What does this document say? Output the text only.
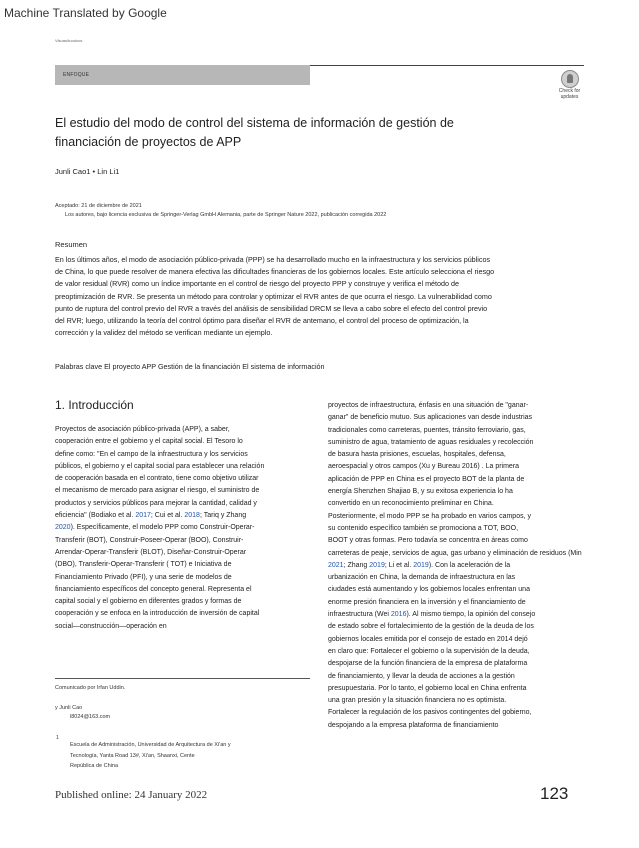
Machine Translated by Google
Vlsuas/tuodoos
ENFOQUE
Check for
updates
El estudio del modo de control del sistema de información de gestión de
financiación de proyectos de APP
Junli Cao1 • Lin Li1
Aceptado: 21 de diciembre de 2021
Los autores, bajo licencia exclusiva de Springer-Verlag GmbH Alemania, parte de Springer Nature 2022, publicación corregida 2022
Resumen
En los últimos años, el modo de asociación público-privada (PPP) se ha desarrollado mucho en la infraestructura y los servicios públicos
de China, lo que puede resolver de manera efectiva las dificultades financieras de los gobiernos locales. Este artículo selecciona el riesgo
de valor residual (RVR) como un índice importante en el control de riesgo del proyecto PPP y construye y verifica el método de
preoptimización de RVR. Se presenta un método para controlar y optimizar el RVR antes de que ocurra el riesgo. La vulnerabilidad como
punto de ruptura del control previo del RVR a través del análisis de sensibilidad DRCM se lleva a cabo sobre el efecto del control previo
del RVR; luego, utilizando la teoría del control óptimo para diseñar el RVR de antemano, el control del proceso de optimización, la
corrección y la validez del método se verifican mediante un ejemplo.
Palabras clave El proyecto APP Gestión de la financiación El sistema de información
1. Introducción
Proyectos de asociación público-privada (APP), a saber,
cooperación entre el gobierno y el capital social. El Tesoro lo
define como: "En el campo de la infraestructura y los servicios
públicos, el gobierno y el capital social para establecer una relación
de cooperación basada en el contrato, tiene como objetivo utilizar
el mecanismo de mercado para asignar el riesgo, el suministro de
productos y servicios públicos para mejorar la cantidad, calidad y
eficiencia" (Bodiako et al. 2017; Cui et al. 2018; Tariq y Zhang
2020). Específicamente, el modelo PPP como Construir-Operar-
Transferir (BOT), Construir-Poseer-Operar (BOO), Construir-
Arrendar-Operar-Transferir (BLOT), Diseñar-Construir-Operar
(DBO), Transferir-Operar-Transferir ( TOT) e Iniciativa de
Financiamiento Privado (PFI), y una serie de modelos de
financiamiento específicos del concepto general. Representa el
capital social y el gobierno en diferentes grados y formas de
cooperación y se enfoca en la introducción de inversión de capital
social—construcción—operación en
proyectos de infraestructura, énfasis en una situación de "ganar-
ganar" de beneficio mutuo. Sus aplicaciones van desde industrias
tradicionales como carreteras, puentes, tránsito ferroviario, gas,
suministro de agua, tratamiento de aguas residuales y recolección
de basura hasta prisiones, escuelas, hospitales, defensa,
aeroespacial y otros campos (Xu y Bureau 2016) . La primera
aplicación de PPP en China es el proyecto BOT de la planta de
energía Shenzhen Shajiao B, y su exitosa experiencia lo ha
convertido en un reconocimiento preliminar en China.
Posteriormente, el modo PPP se ha probado en varios campos, y
su contenido específico también se promociona a TOT, BOO,
BOOT y otras formas. Pero todavía se concentra en áreas como
carreteras de peaje, servicios de agua, gas urbano y eliminación de residuos (Min
2021; Zhang 2019; Li et al. 2019). Con la aceleración de la
urbanización en China, la demanda de infraestructura en las
ciudades está aumentando y los gobiernos locales enfrentan una
enorme presión financiera en la inversión y el financiamiento de
infraestructura (Wei 2016). Al mismo tiempo, la opinión del consejo
de estado sobre el fortalecimiento de la gestión de la deuda de los
gobiernos locales emitida por el consejo de estado en 2014 dejó
en claro que: Fortalecer el gobierno o la supervisión de la deuda,
despojarse de la función financiera de la empresa de plataforma
de financiamiento, y llevar la deuda de acciones a la gestión
presupuestaria. Por lo tanto, el gobierno local en China enfrenta
una gran presión y la situación financiera no es optimista.
Fortalecer la regulación de los pasivos contingentes del gobierno,
despojando a la empresa plataforma de financiamiento
Comunicado por Irfan Uddin.
y Junli Cao
l8024@163.com
1
Escuela de Administración, Universidad de Arquitectura de Xi'an y
Tecnología, Yanta Road 13#, Xi'an, Shaanxi, Cente
República de China
Published online: 24 January 2022	123
